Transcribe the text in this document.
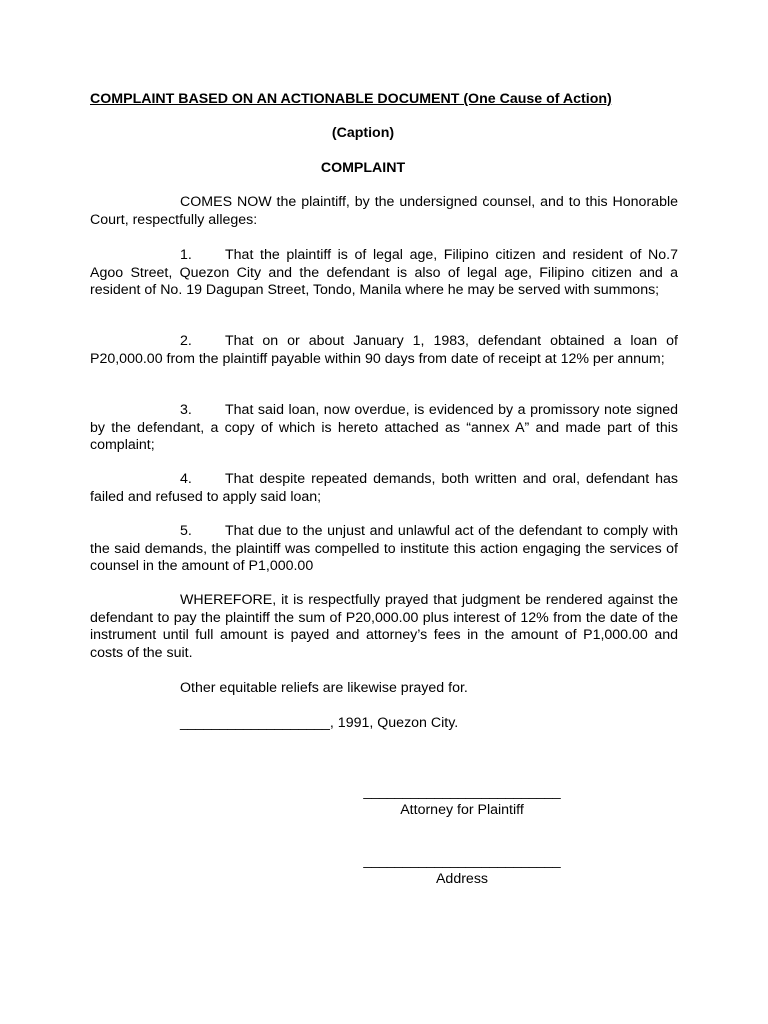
COMPLAINT BASED ON AN ACTIONABLE DOCUMENT (One Cause of Action)
(Caption)
COMPLAINT
COMES NOW the plaintiff, by the undersigned counsel, and to this Honorable Court, respectfully alleges:
1. That the plaintiff is of legal age, Filipino citizen and resident of No.7 Agoo Street, Quezon City and the defendant is also of legal age, Filipino citizen and a resident of No. 19 Dagupan Street, Tondo, Manila where he may be served with summons;
2. That on or about January 1, 1983, defendant obtained a loan of P20,000.00 from the plaintiff payable within 90 days from date of receipt at 12% per annum;
3. That said loan, now overdue, is evidenced by a promissory note signed by the defendant, a copy of which is hereto attached as “annex A” and made part of this complaint;
4. That despite repeated demands, both written and oral, defendant has failed and refused to apply said loan;
5. That due to the unjust and unlawful act of the defendant to comply with the said demands, the plaintiff was compelled to institute this action engaging the services of counsel in the amount of P1,000.00
WHEREFORE, it is respectfully prayed that judgment be rendered against the defendant to pay the plaintiff the sum of P20,000.00 plus interest of 12% from the date of the instrument until full amount is payed and attorney’s fees in the amount of P1,000.00 and costs of the suit.
Other equitable reliefs are likewise prayed for.
___________________, 1991, Quezon City.
_________________________
Attorney for Plaintiff
_________________________
Address
